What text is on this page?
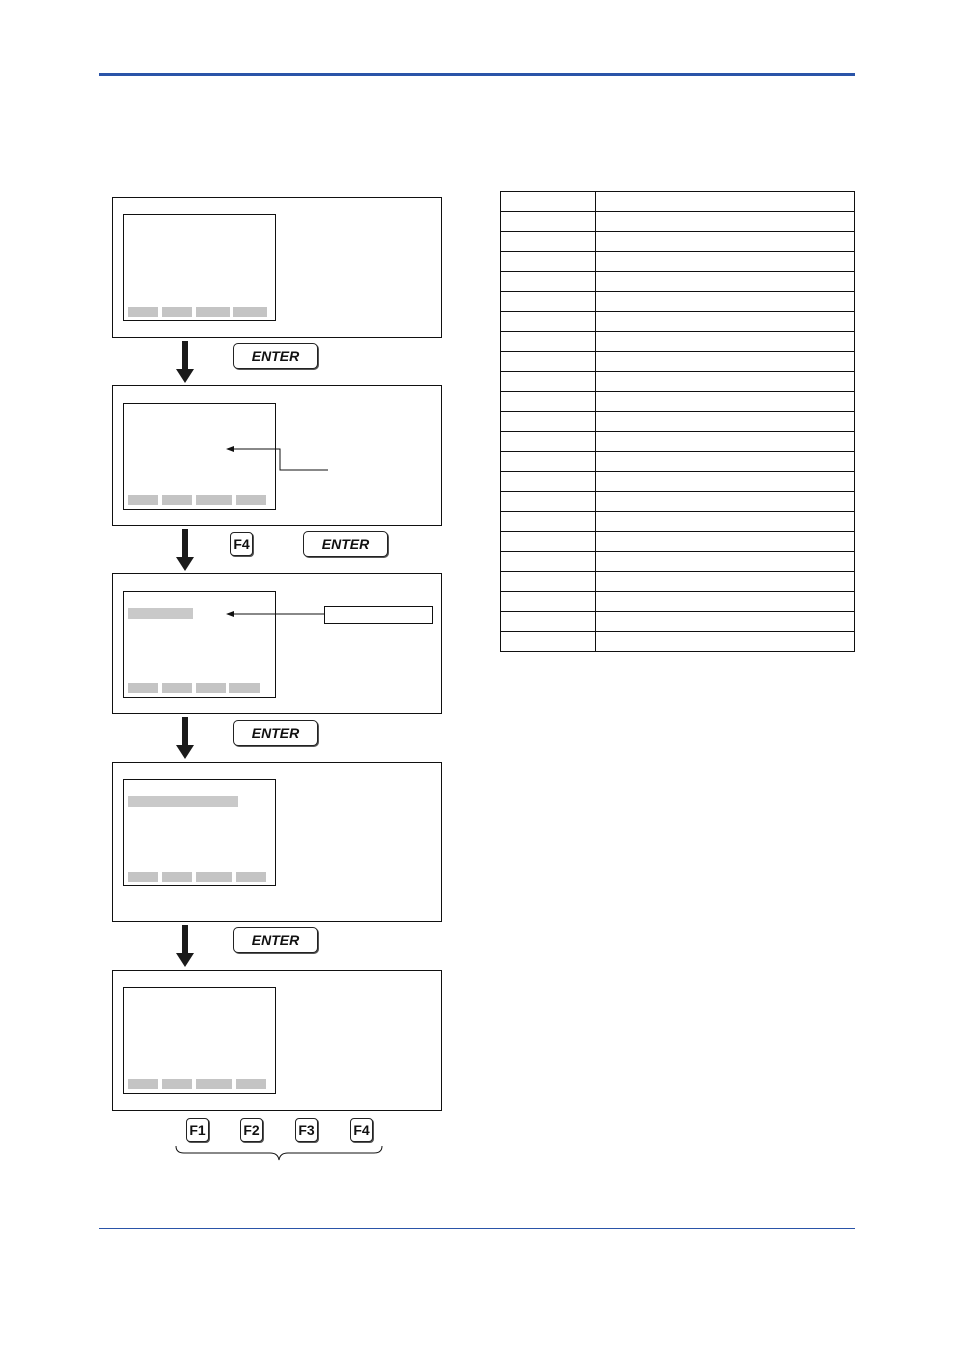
ENTER
F4	ENTER
ENTER
ENTER
F1	F2	F3	F4
